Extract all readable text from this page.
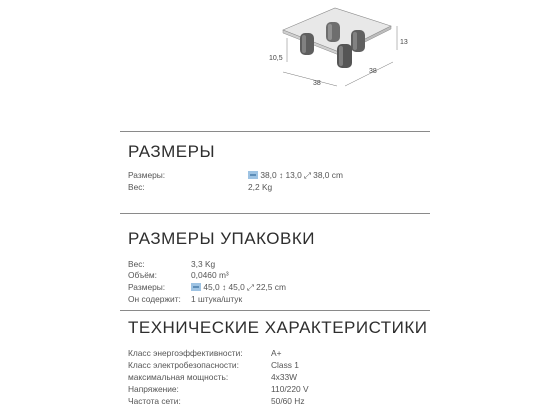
10,5
38
38
13
РАЗМЕРЫ
Размеры:	38,0 ↕ 13,0 ⤢ 38,0 cm
Вес:	2,2 Kg
РАЗМЕРЫ УПАКОВКИ
Вес:	3,3 Kg
Объём:	0,0460 m³
Размеры:	45,0 ↕ 45,0 ⤢ 22,5 cm
Он содержит: 1 штука/штук
ТЕХНИЧЕСКИЕ ХАРАКТЕРИСТИКИ
Класс энергоэффективности:	A+
Класс электробезопасности:	Class 1
максимальная мощность:	4x33W
Напряжение:	110/220 V
Частота сети:	50/60 Hz
